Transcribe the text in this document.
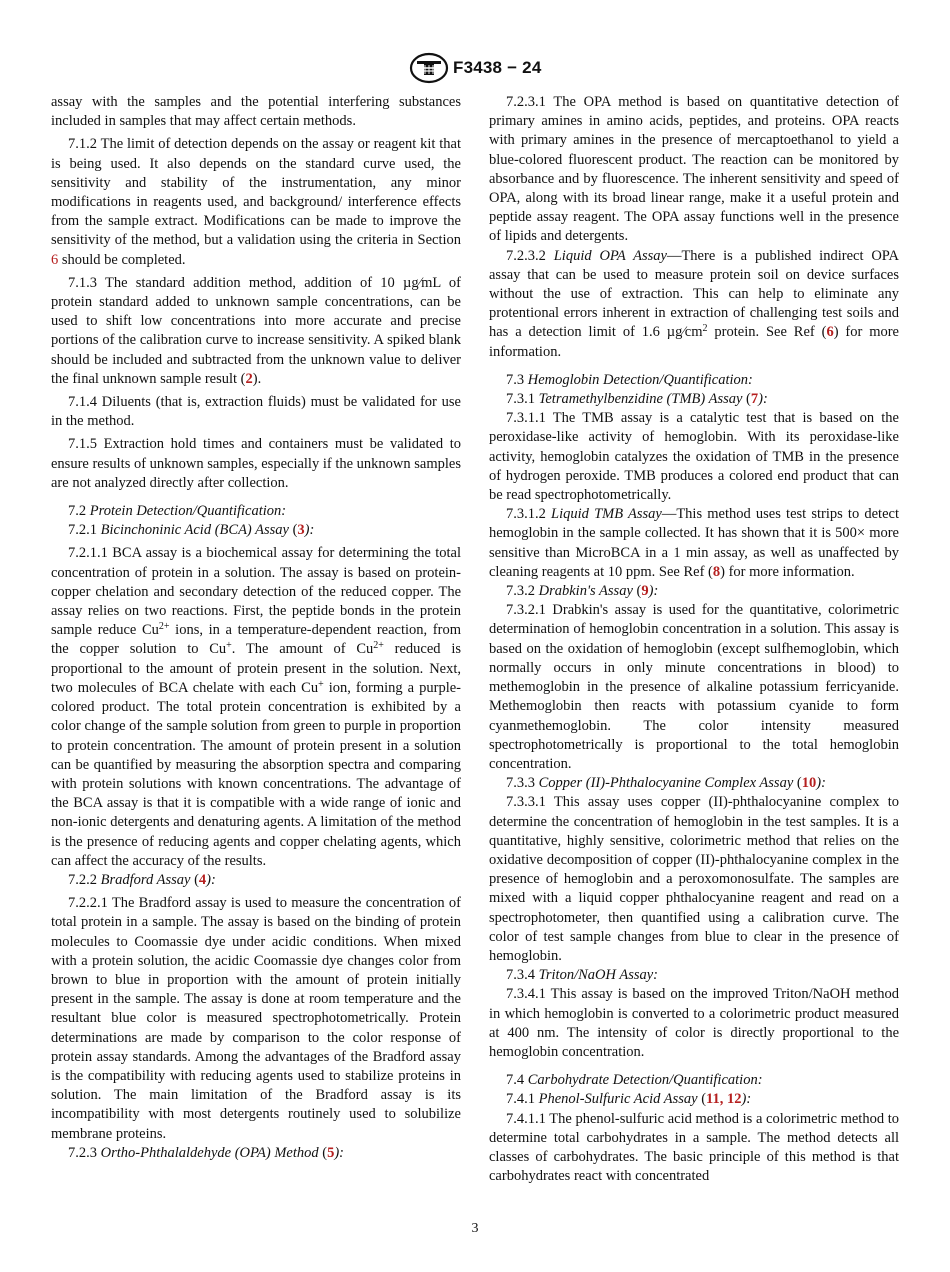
F3438 − 24

assay with the samples and the potential interfering substances included in samples that may affect certain methods.

7.1.2 The limit of detection depends on the assay or reagent kit that is being used. It also depends on the standard curve used, the sensitivity and stability of the instrumentation, any minor modifications in reagents used, and background/ interference effects from the sample extract. Modifications can be made to improve the sensitivity of the method, but a validation using the criteria in Section 6 should be completed.

7.1.3 The standard addition method, addition of 10 µg⁄mL of protein standard added to unknown sample concentrations, can be used to shift low concentrations into more accurate and precise portions of the calibration curve to increase sensitivity. A spiked blank should be included and subtracted from the unknown value to deliver the final unknown sample result (2).

7.1.4 Diluents (that is, extraction fluids) must be validated for use in the method.

7.1.5 Extraction hold times and containers must be validated to ensure results of unknown samples, especially if the unknown samples are not analyzed directly after collection.

7.2 Protein Detection/Quantification:

7.2.1 Bicinchoninic Acid (BCA) Assay (3):

7.2.1.1 BCA assay is a biochemical assay for determining the total concentration of protein in a solution. The assay is based on protein-copper chelation and secondary detection of the reduced copper. The assay relies on two reactions. First, the peptide bonds in the protein sample reduce $Cu^{2+}$ ions, in a temperature-dependent reaction, from the copper solution to Cu+. The amount of $Cu^{2+}$ reduced is proportional to the amount of protein present in the solution. Next, two molecules of BCA chelate with each Cu+ ion, forming a purple-colored product. The total protein concentration is exhibited by a color change of the sample solution from green to purple in proportion to protein concentration. The amount of protein present in a solution can be quantified by measuring the absorption spectra and comparing with protein solutions with known concentrations. The advantage of the BCA assay is that it is compatible with a wide range of ionic and non-ionic detergents and denaturing agents. A limitation of the method is the presence of reducing agents and copper chelating agents, which can affect the accuracy of the results.

7.2.2 Bradford Assay (4):

7.2.2.1 The Bradford assay is used to measure the concentration of total protein in a sample. The assay is based on the binding of protein molecules to Coomassie dye under acidic conditions. When mixed with a protein solution, the acidic Coomassie dye changes color from brown to blue in proportion with the amount of protein initially present in the sample. The assay is done at room temperature and the resultant blue color is measured spectrophotometrically. Protein determinations are made by comparison to the color response of protein assay standards. Among the advantages of the Bradford assay is the compatibility with reducing agents used to stabilize proteins in solution. The main limitation of the Bradford assay is its incompatibility with most detergents routinely used to solubilize membrane proteins.

7.2.3 Ortho-Phthalaldehyde (OPA) Method (5):

7.2.3.1 The OPA method is based on quantitative detection of primary amines in amino acids, peptides, and proteins. OPA reacts with primary amines in the presence of mercaptoethanol to yield a blue-colored fluorescent product. The reaction can be monitored by absorbance and by fluorescence. The inherent sensitivity and speed of OPA, along with its broad linear range, make it a useful protein and peptide assay reagent. The OPA assay functions well in the presence of lipids and detergents.

7.2.3.2 Liquid OPA Assay—There is a published indirect OPA assay that can be used to measure protein soil on device surfaces without the use of extraction. This can help to eliminate any protentional errors inherent in extraction of challenging test soils and has a detection limit of 1.6 $\mu g⁄cm^2$ protein. See Ref (6) for more information.

7.3 Hemoglobin Detection/Quantification:

7.3.1 Tetramethylbenzidine (TMB) Assay (7):

7.3.1.1 The TMB assay is a catalytic test that is based on the peroxidase-like activity of hemoglobin. With its peroxidase-like activity, hemoglobin catalyzes the oxidation of TMB in the presence of hydrogen peroxide. TMB produces a colored end product that can be read spectrophotometrically.

7.3.1.2 Liquid TMB Assay—This method uses test strips to detect hemoglobin in the sample collected. It has shown that it is 500× more sensitive than MicroBCA in a 1 min assay, as well as unaffected by cleaning reagents at 10 ppm. See Ref (8) for more information.

7.3.2 Drabkin's Assay (9):

7.3.2.1 Drabkin's assay is used for the quantitative, colorimetric determination of hemoglobin concentration in a solution. This assay is based on the oxidation of hemoglobin (except sulfhemoglobin, which normally occurs in only minute concentrations in blood) to methemoglobin in the presence of alkaline potassium ferricyanide. Methemoglobin then reacts with potassium cyanide to form cyanmethemoglobin. The color intensity measured spectrophotometrically is proportional to the total hemoglobin concentration.

7.3.3 Copper (II)-Phthalocyanine Complex Assay (10):

7.3.3.1 This assay uses copper (II)-phthalocyanine complex to determine the concentration of hemoglobin in the test samples. It is a quantitative, highly sensitive, colorimetric method that relies on the oxidative decomposition of copper (II)-phthalocyanine complex in the presence of hemoglobin and a peroxomonosulfate. The samples are mixed with a liquid copper phthalocyanine reagent and read on a spectrophotometer, then quantified using a calibration curve. The color of test sample changes from blue to clear in the presence of hemoglobin.

7.3.4 Triton/NaOH Assay:

7.3.4.1 This assay is based on the improved Triton/NaOH method in which hemoglobin is converted to a colorimetric product measured at 400 nm. The intensity of color is directly proportional to the hemoglobin concentration.

7.4 Carbohydrate Detection/Quantification:

7.4.1 Phenol-Sulfuric Acid Assay (11, 12):

7.4.1.1 The phenol-sulfuric acid method is a colorimetric method to determine total carbohydrates in a sample. The method detects all classes of carbohydrates. The basic principle of this method is that carbohydrates react with concentrated

3
